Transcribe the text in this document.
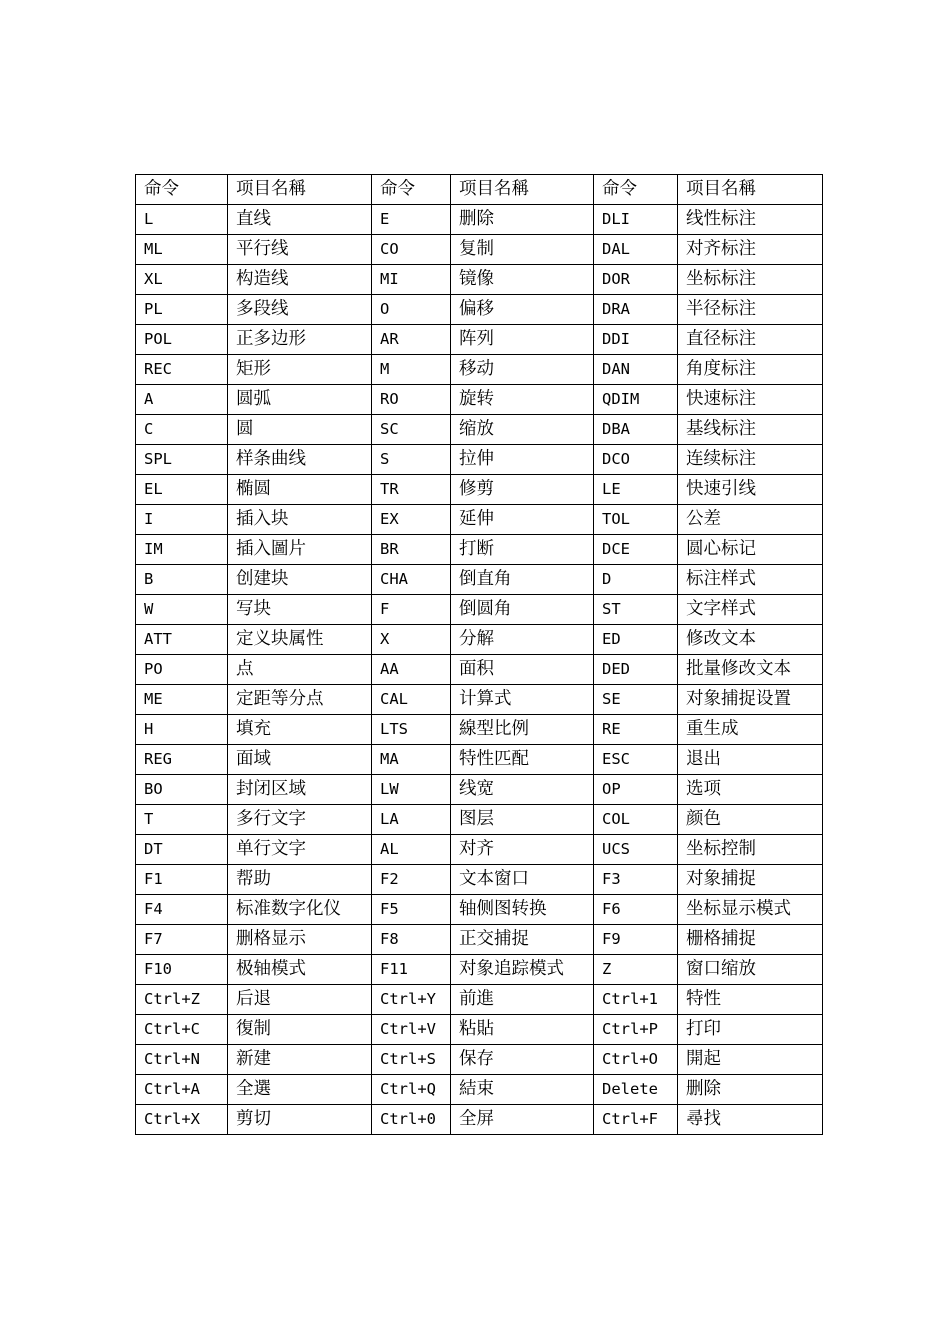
命令	项目名稱	命令	项目名稱	命令	项目名稱
L	直线	E	删除	DLI	线性标注
ML	平行线	CO	复制	DAL	对齐标注
XL	构造线	MI	镜像	DOR	坐标标注
PL	多段线	O	偏移	DRA	半径标注
POL	正多边形	AR	阵列	DDI	直径标注
REC	矩形	M	移动	DAN	角度标注
A	圆弧	RO	旋转	QDIM	快速标注
C	圆	SC	缩放	DBA	基线标注
SPL	样条曲线	S	拉伸	DCO	连续标注
EL	椭圆	TR	修剪	LE	快速引线
I	插入块	EX	延伸	TOL	公差
IM	插入圖片	BR	打断	DCE	圆心标记
B	创建块	CHA	倒直角	D	标注样式
W	写块	F	倒圆角	ST	文字样式
ATT	定义块属性	X	分解	ED	修改文本
PO	点	AA	面积	DED	批量修改文本
ME	定距等分点	CAL	计算式	SE	对象捕捉设置
H	填充	LTS	線型比例	RE	重生成
REG	面域	MA	特性匹配	ESC	退出
BO	封闭区域	LW	线宽	OP	选项
T	多行文字	LA	图层	COL	颜色
DT	单行文字	AL	对齐	UCS	坐标控制
F1	帮助	F2	文本窗口	F3	对象捕捉
F4	标准数字化仪	F5	轴侧图转换	F6	坐标显示模式
F7	删格显示	F8	正交捕捉	F9	栅格捕捉
F10	极轴模式	F11	对象追踪模式	Z	窗口缩放
Ctrl+Z	后退	Ctrl+Y	前進	Ctrl+1	特性
Ctrl+C	復制	Ctrl+V	粘貼	Ctrl+P	打印
Ctrl+N	新建	Ctrl+S	保存	Ctrl+O	開起
Ctrl+A	全選	Ctrl+Q	結束	Delete	删除
Ctrl+X	剪切	Ctrl+0	全屏	Ctrl+F	尋找
